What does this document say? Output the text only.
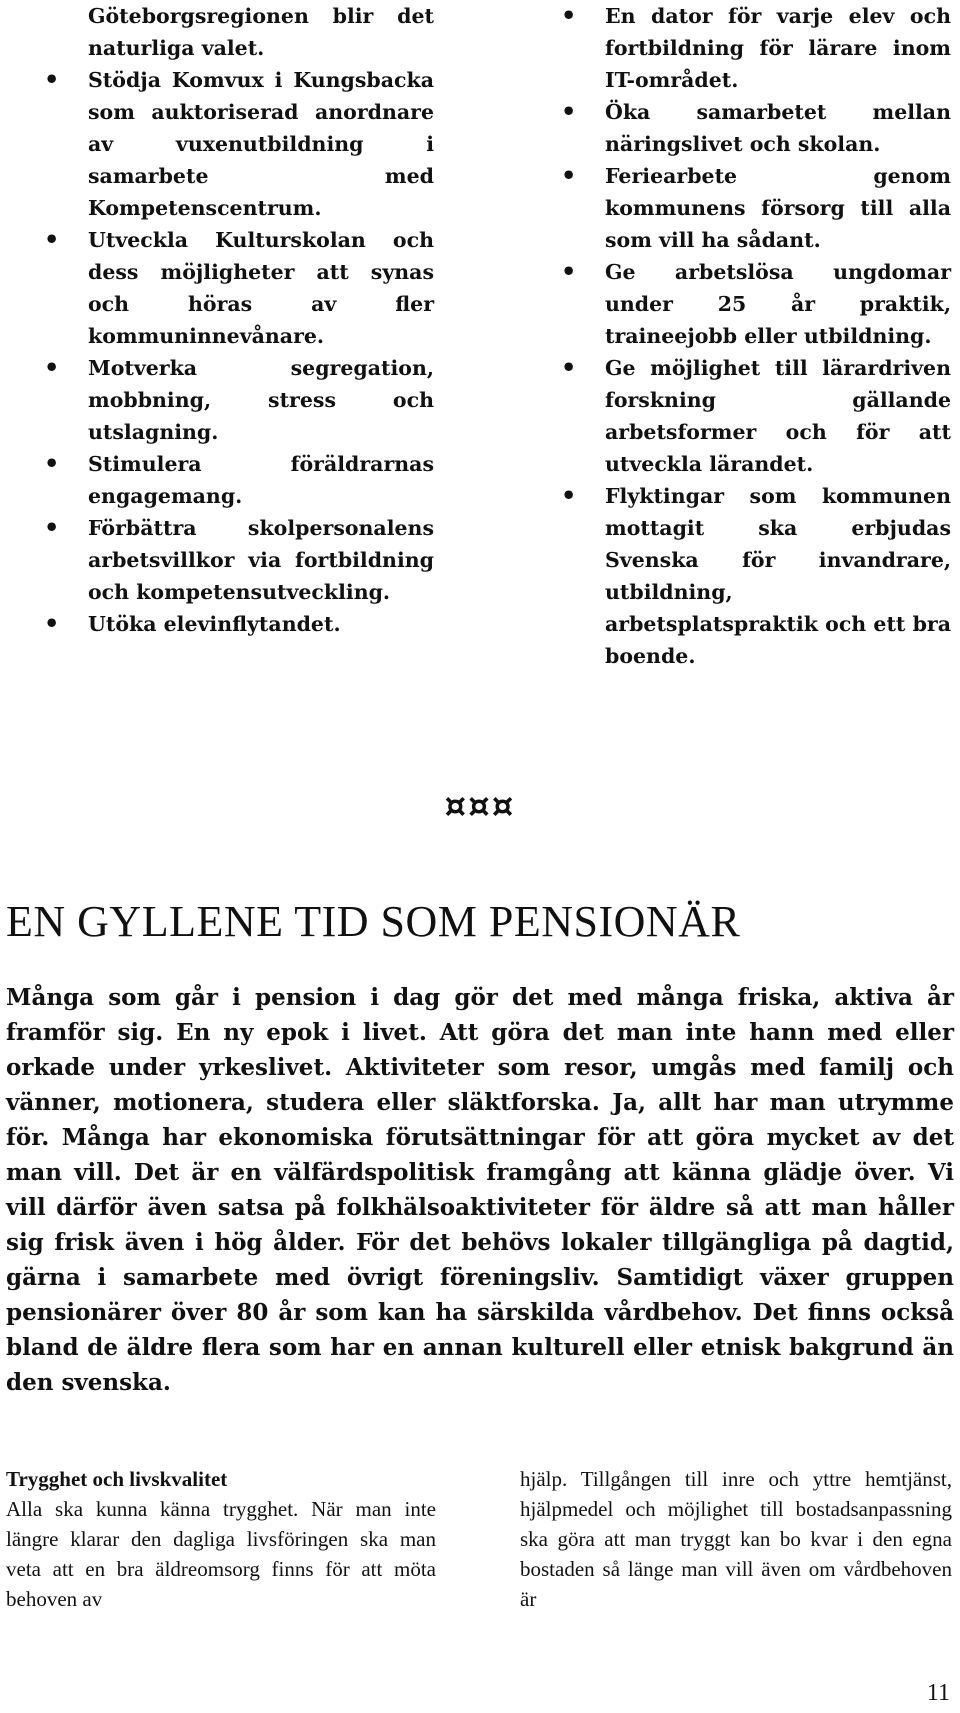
Göteborgsregionen blir det naturliga valet.

• Stödja Komvux i Kungsbacka som auktoriserad anordnare av vuxenutbildning i samarbete med Kompetenscentrum.
• Utveckla Kulturskolan och dess möjligheter att synas och höras av fler kommuninnevånare.
• Motverka segregation, mobbning, stress och utslagning.
• Stimulera föräldrarnas engagemang.
• Förbättra skolpersonalens arbetsvillkor via fortbildning och kompetensutveckling.
• Utöka elevinflytandet.
• En dator för varje elev och fortbildning för lärare inom IT-området.
• Öka samarbetet mellan näringslivet och skolan.
• Feriearbete genom kommunens försorg till alla som vill ha sådant.
• Ge arbetslösa ungdomar under 25 år praktik, traineejobb eller utbildning.
• Ge möjlighet till lärardriven forskning gällande arbetsformer och för att utveckla lärandet.
• Flyktingar som kommunen mottagit ska erbjudas Svenska för invandrare, utbildning, arbetsplatspraktik och ett bra boende.
¤¤¤
EN GYLLENE TID SOM PENSIONÄR

Många som går i pension i dag gör det med många friska, aktiva år framför sig. En ny epok i livet. Att göra det man inte hann med eller orkade under yrkeslivet. Aktiviteter som resor, umgås med familj och vänner, motionera, studera eller släktforska. Ja, allt har man utrymme för. Många har ekonomiska förutsättningar för att göra mycket av det man vill. Det är en välfärdspolitisk framgång att känna glädje över. Vi vill därför även satsa på folkhälsoaktiviteter för äldre så att man håller sig frisk även i hög ålder. För det behövs lokaler tillgängliga på dagtid, gärna i samarbete med övrigt föreningsliv. Samtidigt växer gruppen pensionärer över 80 år som kan ha särskilda vårdbehov. Det finns också bland de äldre flera som har en annan kulturell eller etnisk bakgrund än den svenska.

Trygghet och livskvalitet

Alla ska kunna känna trygghet. När man inte längre klarar den dagliga livsföringen ska man veta att en bra äldreomsorg finns för att möta behoven av

hjälp. Tillgången till inre och yttre hemtjänst, hjälpmedel och möjlighet till bostadsanpassning ska göra att man tryggt kan bo kvar i den egna bostaden så länge man vill även om vårdbehoven är

11
